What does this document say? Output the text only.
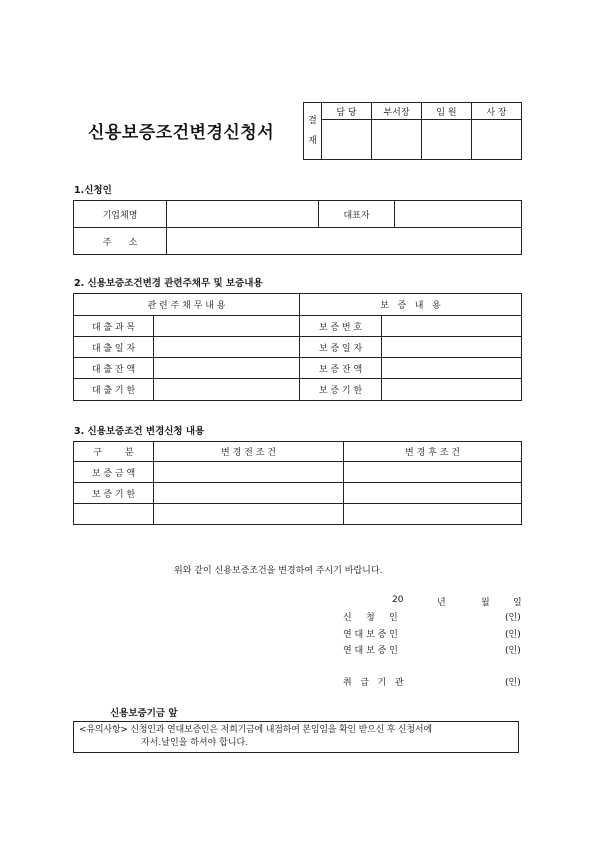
신용보증조건변경신청서
결
재	담 당	부서장	임 원	사 장

1.신청인
기업체명		대표자	
주      소			
2. 신용보증조건변경 관련주채무 및 보증내용
관 련 주 채 무 내 용		보   증   내   용	
대 출 과 목		보 증 번 호	
대 출 일 자		보 증 일 자	
대 출 잔 액		보 증 잔 액	
대 출 기 한		보 증 기 한	
3. 신용보증조건 변경신청 내용
구        분	변 경 전 조 건	변 경 후 조 건
보 증 금 액		
보 증 기 한		

위와 같이 신용보증조건을 변경하여 주시기 바랍니다.
20	년	월	일
신     청     인	(인)
연 대 보 증 인	(인)
연 대 보 증 인	(인)
취   급   기   관	(인)
신용보증기금 앞
<유의사항> 신청인과 연대보증인은 저희기금에 내점하여 본임임을 확인 받으신 후 신청서에
자서.날인을 하셔야 합니다.
